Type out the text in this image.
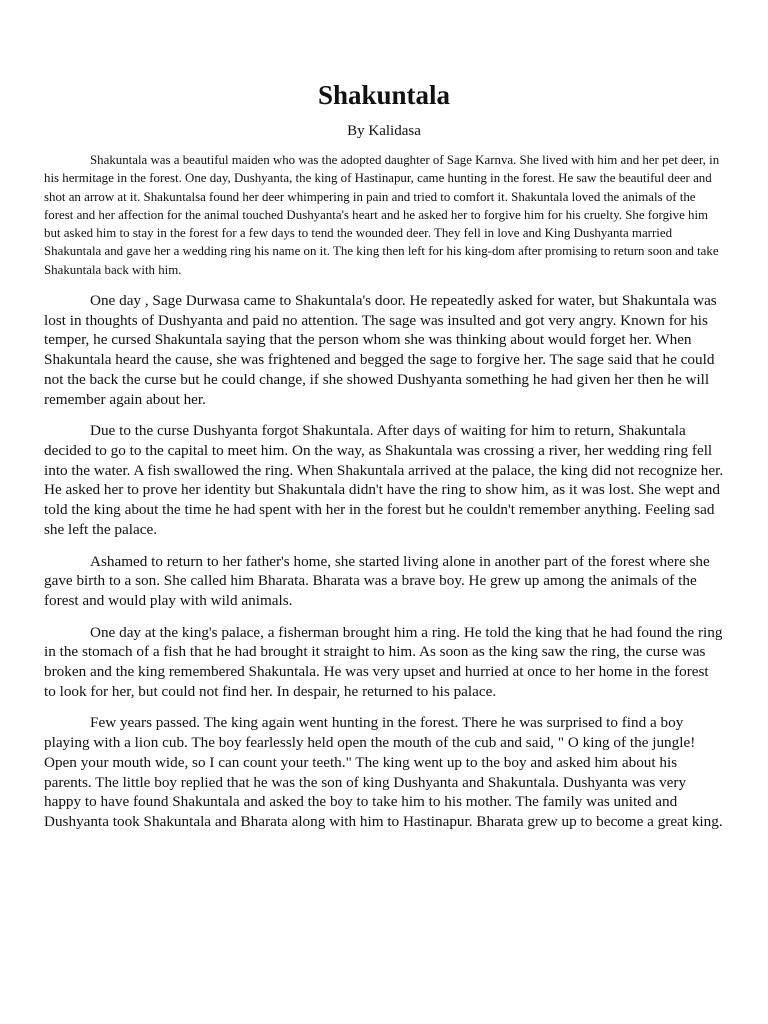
Shakuntala

By Kalidasa

Shakuntala was a beautiful maiden who was the adopted daughter of Sage Karnva. She lived with him and her pet deer, in his hermitage in the forest. One day, Dushyanta, the king of Hastinapur, came hunting in the forest. He saw the beautiful deer and shot an arrow at it. Shakuntalsa found her deer whimpering in pain and tried to comfort it. Shakuntala loved the animals of the forest and her affection for the animal touched Dushyanta's heart and he asked her to forgive him for his cruelty. She forgive him but asked him to stay in the forest for a few days to tend the wounded deer. They fell in love and King Dushyanta married Shakuntala and gave her a wedding ring his name on it. The king then left for his king-dom after promising to return soon and take Shakuntala back with him.

One day , Sage Durwasa came to Shakuntala's door. He repeatedly asked for water, but Shakuntala was lost in thoughts of Dushyanta and paid no attention. The sage was insulted and got very angry. Known for his temper, he cursed Shakuntala saying that the person whom she was thinking about would forget her. When Shakuntala heard the cause, she was frightened and begged the sage to forgive her. The sage said that he could not the back the curse but he could change, if she showed Dushyanta something he had given her then he will remember again about her.

Due to the curse Dushyanta forgot Shakuntala. After days of waiting for him to return, Shakuntala decided to go to the capital to meet him. On the way, as Shakuntala was crossing a river, her wedding ring fell into the water. A fish swallowed the ring. When Shakuntala arrived at the palace, the king did not recognize her. He asked her to prove her identity but Shakuntala didn't have the ring to show him, as it was lost. She wept and told the king about the time he had spent with her in the forest but he couldn't remember anything. Feeling sad she left the palace.

Ashamed to return to her father's home, she started living alone in another part of the forest where she gave birth to a son. She called him Bharata. Bharata was a brave boy. He grew up among the animals of the forest and would play with wild animals.

One day at the king's palace, a fisherman brought him a ring. He told the king that he had found the ring in the stomach of a fish that he had brought it straight to him. As soon as the king saw the ring, the curse was broken and the king remembered Shakuntala. He was very upset and hurried at once to her home in the forest to look for her, but could not find her. In despair, he returned to his palace.

Few years passed. The king again went hunting in the forest. There he was surprised to find a boy playing with a lion cub. The boy fearlessly held open the mouth of the cub and said, " O king of the jungle! Open your mouth wide, so I can count your teeth." The king went up to the boy and asked him about his parents. The little boy replied that he was the son of king Dushyanta and Shakuntala. Dushyanta was very happy to have found Shakuntala and asked the boy to take him to his mother. The family was united and Dushyanta took Shakuntala and Bharata along with him to Hastinapur. Bharata grew up to become a great king.
